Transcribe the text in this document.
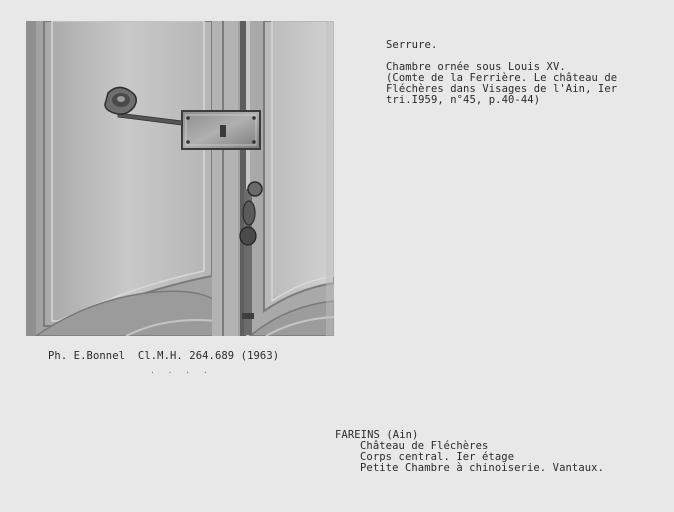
Serrure.
Chambre ornée sous Louis XV.
(Comte de la Ferrière. Le château de
Fléchères dans Visages de l'Ain, Ier
tri.I959, n°45, p.40-44)
Ph. E.Bonnel  Cl.M.H. 264.689 (1963)
. . . .
FAREINS (Ain)
Château de Fléchères
Corps central. Ier étage
Petite Chambre à chinoiserie. Vantaux.
